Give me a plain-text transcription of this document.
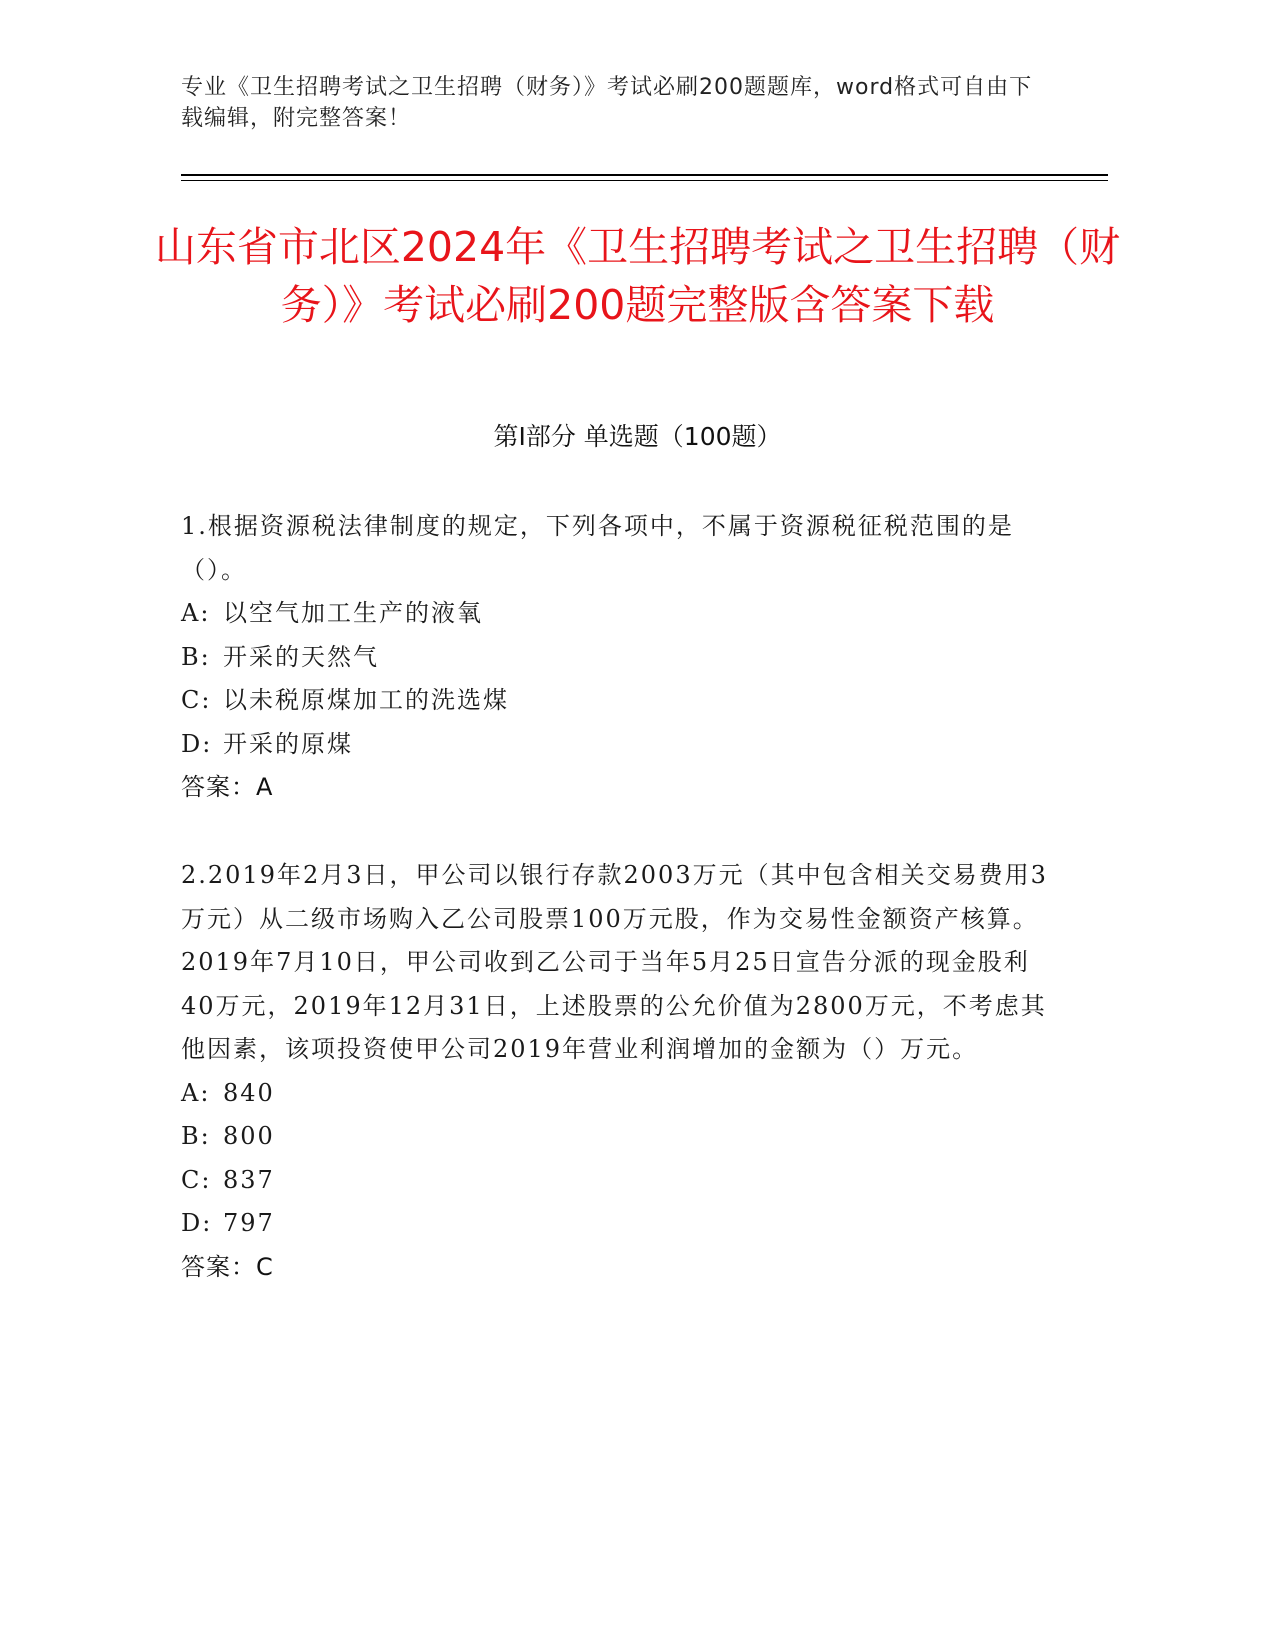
专业《卫生招聘考试之卫生招聘（财务）》考试必刷200题题库，word格式可自由下载编辑，附完整答案！
山东省市北区2024年《卫生招聘考试之卫生招聘（财务）》考试必刷200题完整版含答案下载
第I部分 单选题（100题）

1.根据资源税法律制度的规定，下列各项中，不属于资源税征税范围的是（）。

A: 以空气加工生产的液氧

B: 开采的天然气

C: 以未税原煤加工的洗选煤

D: 开采的原煤

答案：A

2.2019年2月3日，甲公司以银行存款2003万元（其中包含相关交易费用3万元）从二级市场购入乙公司股票100万元股，作为交易性金额资产核算。2019年7月10日，甲公司收到乙公司于当年5月25日宣告分派的现金股利40万元，2019年12月31日，上述股票的公允价值为2800万元，不考虑其他因素，该项投资使甲公司2019年营业利润增加的金额为（）万元。

A: 840

B: 800

C: 837

D: 797

答案：C
